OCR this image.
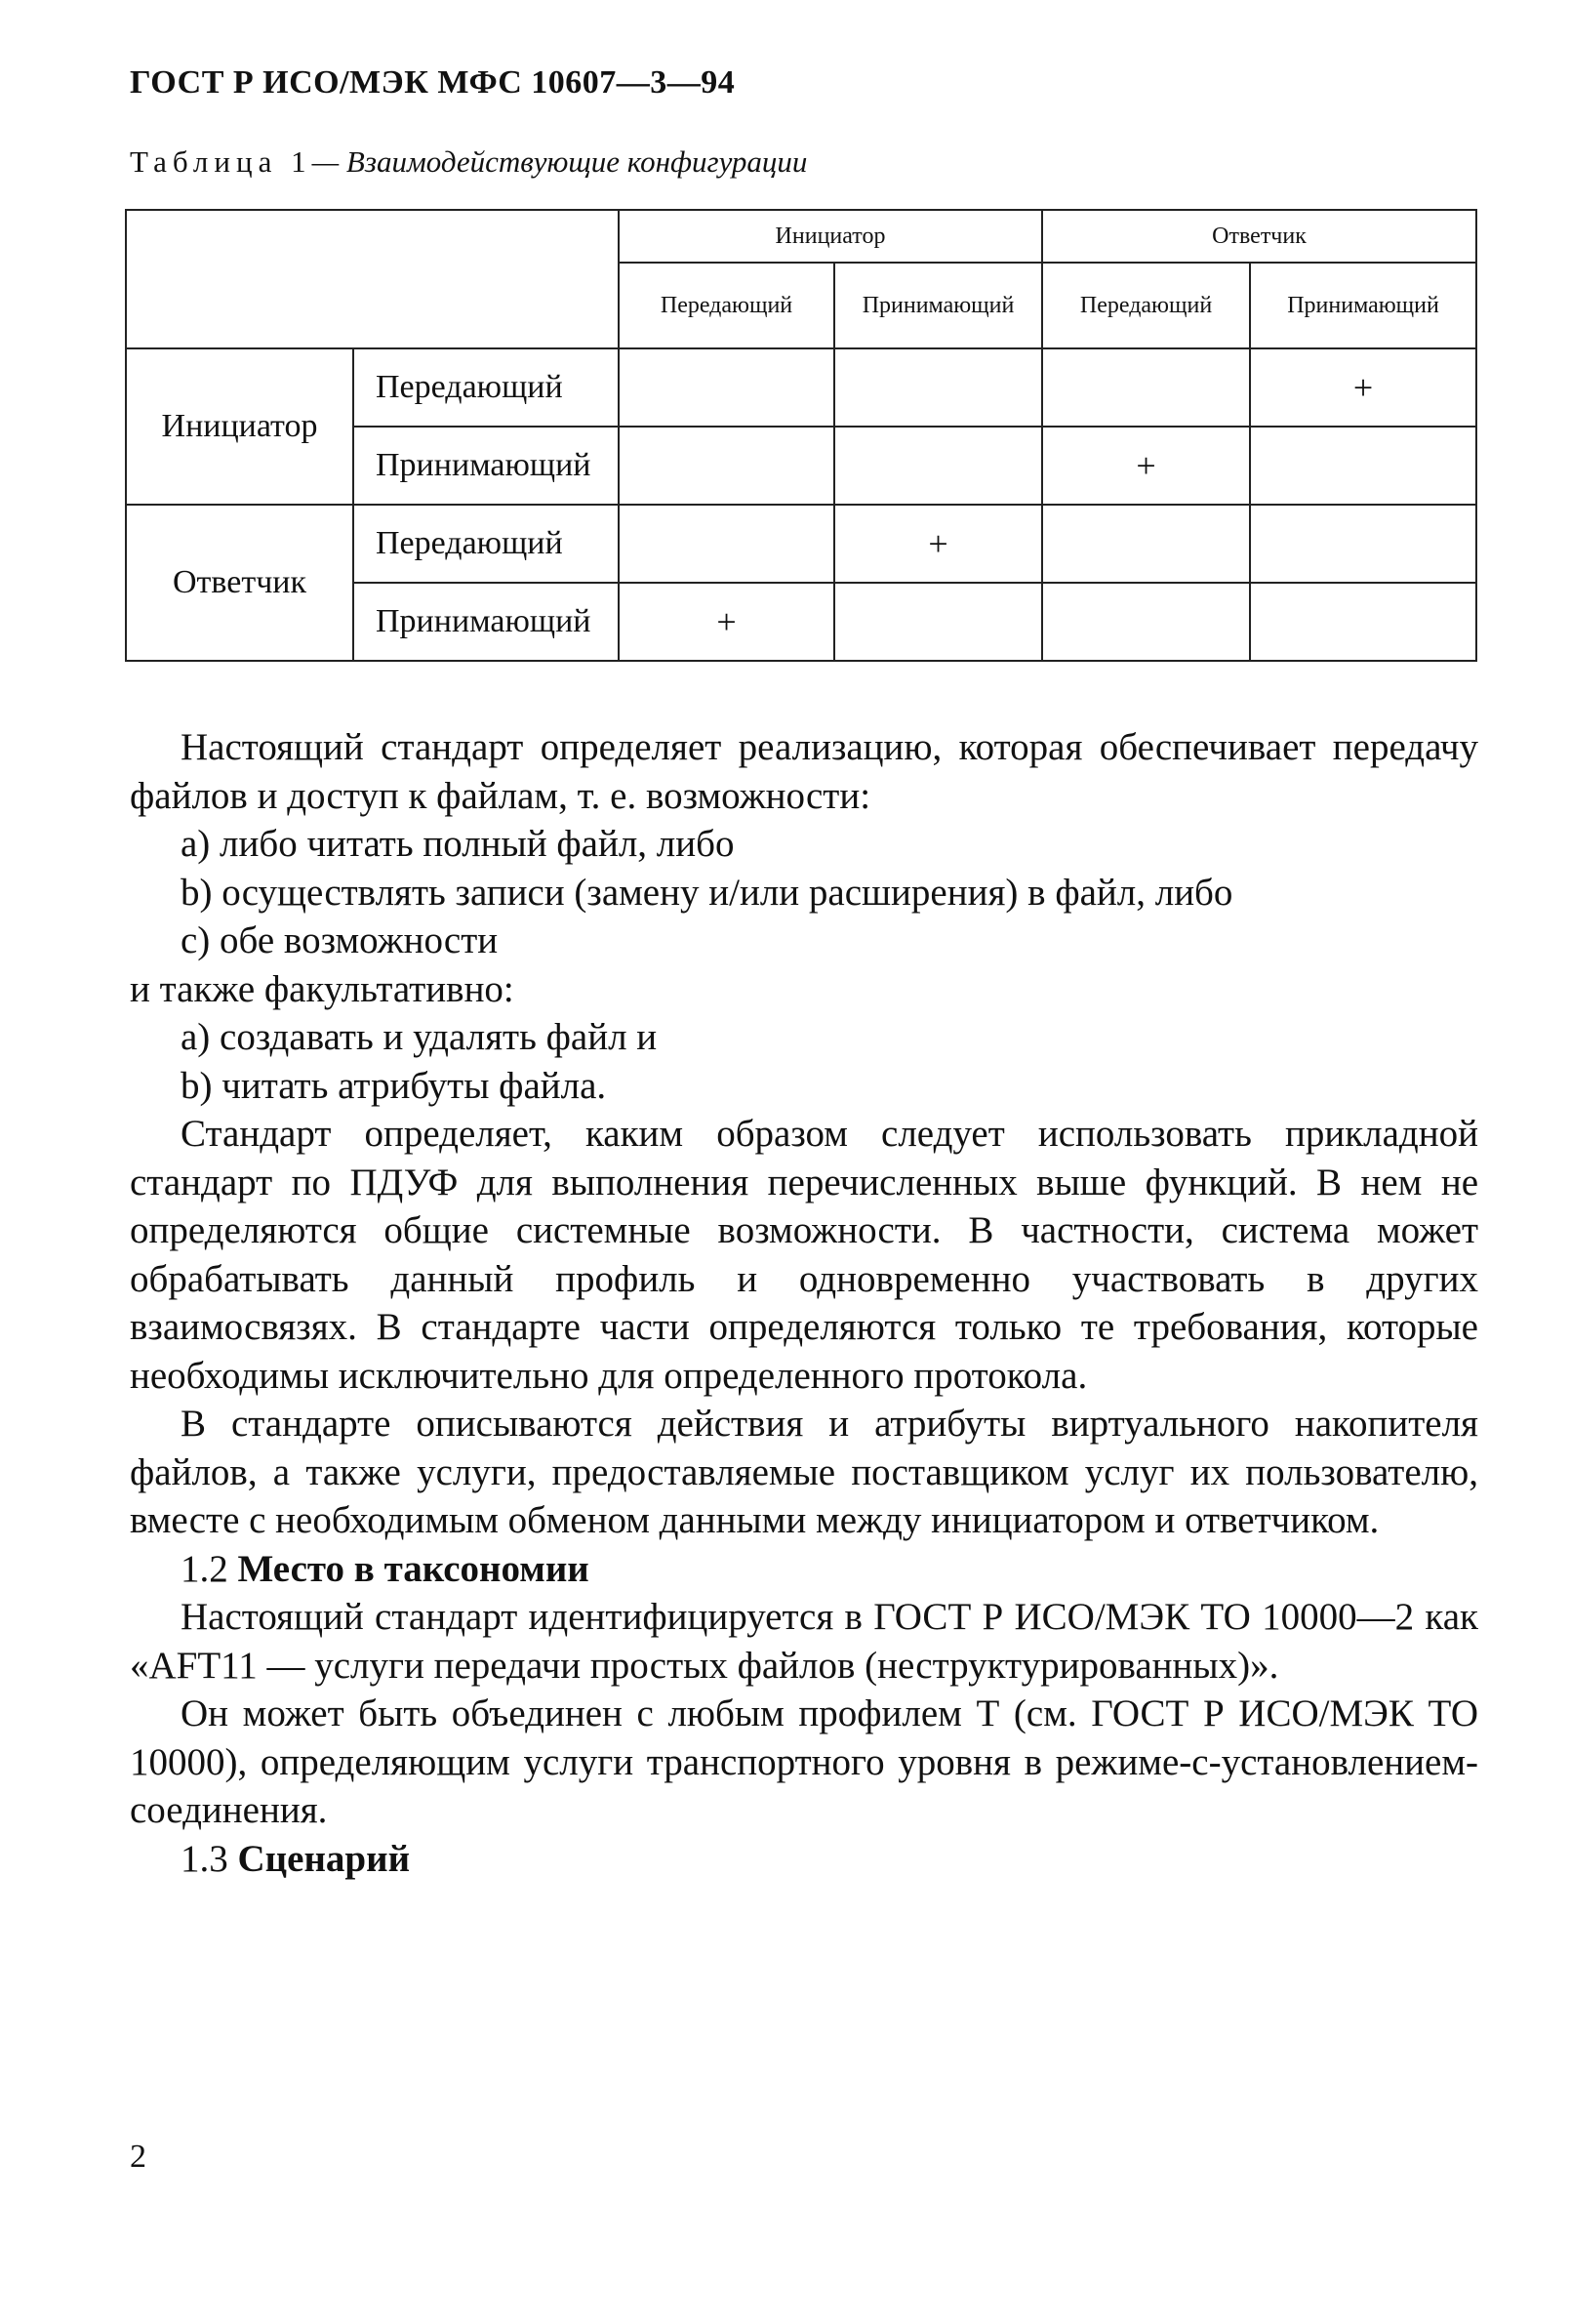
ГОСТ Р ИСО/МЭК МФС 10607—3—94
Таблица 1— Взаимодействующие конфигурации
		Инициатор		Ответчик	
		Передающий	Принимающий	Передающий	Принимающий
Инициатор	Передающий				+
	Принимающий			+	
Ответчик	Передающий		+		
	Принимающий	+			

Настоящий стандарт определяет реализацию, которая обеспечивает передачу файлов и доступ к файлам, т. е. возможности:

а) либо читать полный файл, либо

b) осуществлять записи (замену и/или расширения) в файл, либо

c) обе возможности

и также факультативно:

а) создавать и удалять файл и

b) читать атрибуты файла.

Стандарт определяет, каким образом следует использовать прикладной стандарт по ПДУФ для выполнения перечисленных выше функций. В нем не определяются общие системные возможности. В частности, система может обрабатывать данный профиль и одновременно участвовать в других взаимосвязях. В стандарте части определяются только те требования, которые необходимы исключительно для определенного протокола.

В стандарте описываются действия и атрибуты виртуального накопителя файлов, а также услуги, предоставляемые поставщиком услуг их пользователю, вместе с необходимым обменом данными между инициатором и ответчиком.

1.2 Место в таксономии

Настоящий стандарт идентифицируется в ГОСТ Р ИСО/МЭК ТО 10000—2 как «AFT11 — услуги передачи простых файлов (неструктурированных)».

Он может быть объединен с любым профилем Т (см. ГОСТ Р ИСО/МЭК ТО 10000), определяющим услуги транспортного уровня в режиме-с-установлением-соединения.

1.3 Сценарий

2
